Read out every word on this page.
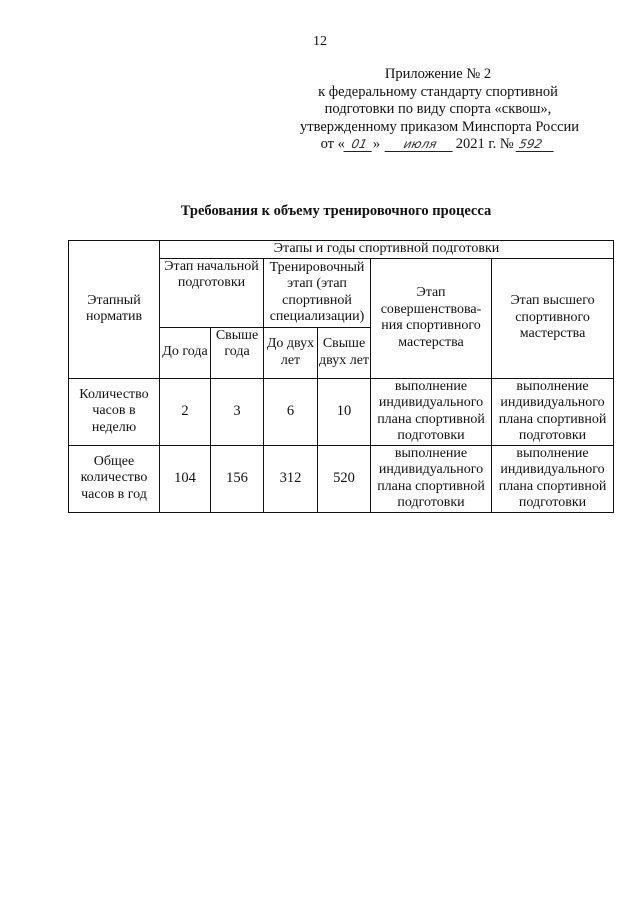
12
Приложение № 2
к федеральному стандарту спортивной
подготовки по виду спорта «сквош»,
утвержденному приказом Минспорта России
от « 01 » июля 2021 г. № 592
Требования к объему тренировочного процесса
Этапный норматив	Этапы и годы спортивной подготовки					
	Этап начальной подготовки		Тренировочный этап (этап спортивной специализации)		Этап совершенствова-ния спортивного мастерства	Этап высшего спортивного мастерства
	До года	Свыше года	До двух лет	Свыше двух лет		
Количество часов в неделю	2	3	6	10	выполнение индивидуального плана спортивной подготовки	выполнение индивидуального плана спортивной подготовки
Общее количество часов в год	104	156	312	520	выполнение индивидуального плана спортивной подготовки	выполнение индивидуального плана спортивной подготовки
